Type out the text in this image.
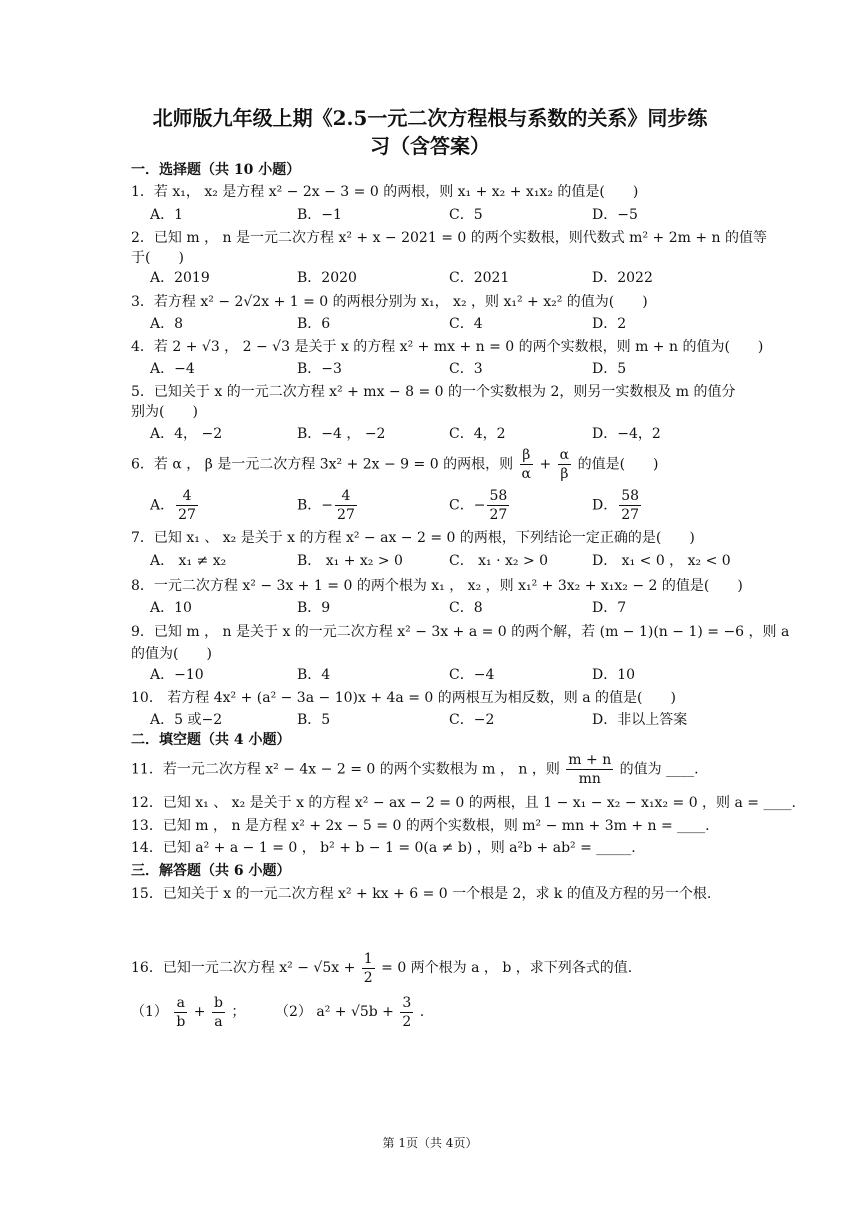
北师版九年级上期《2.5一元二次方程根与系数的关系》同步练
习（含答案）
一．选择题（共 10 小题）
1．若 x₁， x₂ 是方程 x² − 2x − 3 = 0 的两根，则 x₁ + x₂ + x₁x₂ 的值是(　　)
A．1	B．−1	C．5	D．−5
2．已知 m ， n 是一元二次方程 x² + x − 2021 = 0 的两个实数根，则代数式 m² + 2m + n 的值等
于(　　)
A．2019	B．2020	C．2021	D．2022
3．若方程 x² − 2√2x + 1 = 0 的两根分别为 x₁， x₂ ，则 x₁² + x₂² 的值为(　　)
A．8	B．6	C．4	D．2
4．若 2 + √3 ， 2 − √3 是关于 x 的方程 x² + mx + n = 0 的两个实数根，则 m + n 的值为(　　)
A．−4	B．−3	C．3	D．5
5．已知关于 x 的一元二次方程 x² + mx − 8 = 0 的一个实数根为 2，则另一实数根及 m 的值分
别为(　　)
A．4， −2	B．−4 ， −2	C．4，2	D．−4，2
6．若 α ， β 是一元二次方程 3x² + 2x − 9 = 0 的两根，则 $\frac{\beta}{\alpha} + \frac{\alpha}{\beta}$ 的值是(　　)
A． $\frac{4}{27}$	B．− $\frac{4}{27}$	C．− $\frac{58}{27}$	D． $\frac{58}{27}$
7．已知 x₁ 、 x₂ 是关于 x 的方程 x² − ax − 2 = 0 的两根，下列结论一定正确的是(　　)
A． x₁ ≠ x₂	B． x₁ + x₂ > 0	C． x₁ · x₂ > 0	D． x₁ < 0 ， x₂ < 0
8．一元二次方程 x² − 3x + 1 = 0 的两个根为 x₁ ， x₂ ，则 x₁² + 3x₂ + x₁x₂ − 2 的值是(　　)
A．10	B．9	C．8	D．7
9．已知 m ， n 是关于 x 的一元二次方程 x² − 3x + a = 0 的两个解，若 (m − 1)(n − 1) = −6 ，则 a
的值为(　　)
A．−10	B．4	C．−4	D．10
10． 若方程 4x² + (a² − 3a − 10)x + 4a = 0 的两根互为相反数，则 a 的值是(　　)
A．5 或−2	B．5	C．−2	D．非以上答案
二．填空题（共 4 小题）
11．若一元二次方程 x² − 4x − 2 = 0 的两个实数根为 m ， n ，则 $\frac{m + n}{mn}$ 的值为 ____.
12．已知 x₁ 、 x₂ 是关于 x 的方程 x² − ax − 2 = 0 的两根，且 1 − x₁ − x₂ − x₁x₂ = 0 ，则 a = ____.
13．已知 m ， n 是方程 x² + 2x − 5 = 0 的两个实数根，则 m² − mn + 3m + n = ____.
14．已知 a² + a − 1 = 0 ， b² + b − 1 = 0(a ≠ b) ，则 a²b + ab² = _____.
三．解答题（共 6 小题）
15．已知关于 x 的一元二次方程 x² + kx + 6 = 0 一个根是 2，求 k 的值及方程的另一个根.
16．已知一元二次方程 $x^2 - √5x + \frac{1}{2} = 0$ 两个根为 a ， b ，求下列各式的值.
$(1) \frac{a}{b} + \frac{b}{a}$ ； （2） $a^2 + √5b + \frac{3}{2}$ .
第 1页（共 4页）
